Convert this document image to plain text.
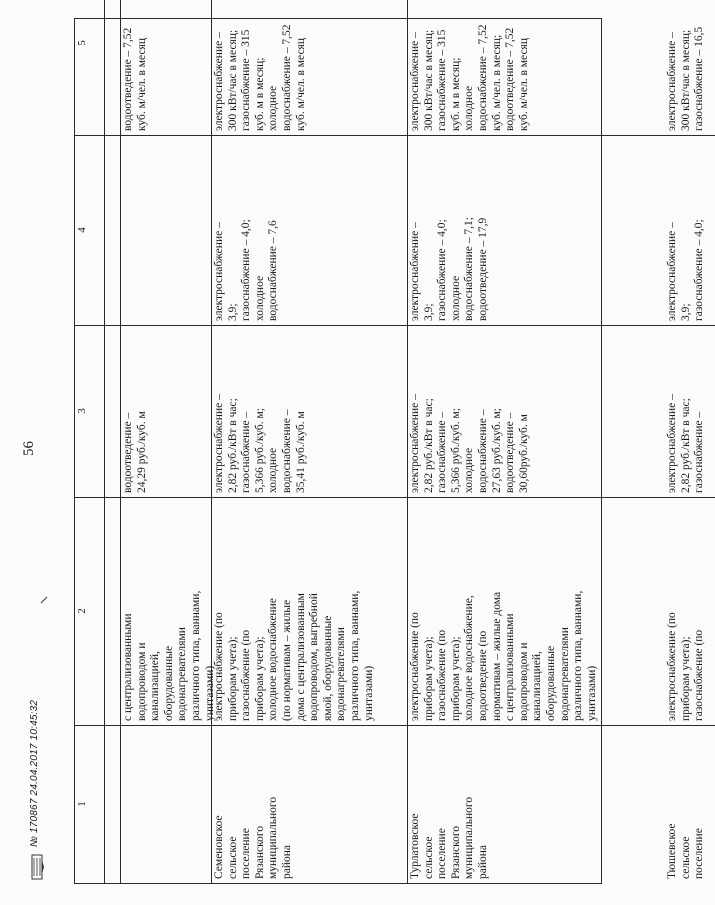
56
1
2
3
4
5
с централизованными
водопроводом и
канализацией,
оборудованные
водонагревателями
различного типа, ваннами,
унитазами)
водоотведение –
24,29 руб./куб. м
водоотведение – 7,52
куб. м/чел. в месяц
Семеновское
сельское
поселение
Рязанского
муниципального
района
электроснабжение (по
приборам учета);
газоснабжение (по
приборам учета);
холодное водоснабжение
(по нормативам – жилые
дома с централизованным
водопроводом, выгребной
ямой, оборудованные
водонагревателями
различного типа, ваннами,
унитазами)
электроснабжение –
2,82 руб./кВт в час;
газоснабжение –
5,366 руб./куб. м;
холодное
водоснабжение –
35,41 руб./куб. м
электроснабжение –
3,9;
газоснабжение – 4,0;
холодное
водоснабжение – 7,6
электроснабжение –
300 кВт/час в месяц;
газоснабжение – 315
куб. м в месяц;
холодное
водоснабжение – 7,52
куб. м/чел. в месяц
Турлатовское
сельское
поселение
Рязанского
муниципального
района
электроснабжение (по
приборам учета);
газоснабжение (по
приборам учета);
холодное водоснабжение,
водоотведение (по
нормативам – жилые дома
с централизованными
водопроводом и
канализацией,
оборудованные
водонагревателями
различного типа, ваннами,
унитазами)
электроснабжение –
2,82 руб./кВт в час;
газоснабжение –
5,366 руб./куб. м;
холодное
водоснабжение –
27,63 руб./куб. м;
водоотведение –
30,60руб./куб. м
электроснабжение –
3,9;
газоснабжение – 4,0;
холодное
водоснабжение – 7,1;
водоотведение – 17,9
электроснабжение –
300 кВт/час в месяц;
газоснабжение – 315
куб. м в месяц;
холодное
водоснабжение – 7,52
куб. м/чел. в месяц;
водоотведение – 7,52
куб. м/чел. в месяц
Тюшевское
сельское
поселение
электроснабжение (по
приборам учета);
газоснабжение (по
электроснабжение –
2,82 руб./кВт в час;
газоснабжение –
электроснабжение –
3,9;
газоснабжение – 4,0;
электроснабжение –
300 кВт/час в месяц;
газоснабжение – 16,5
№ 170867 24.04.2017 10:45:32
